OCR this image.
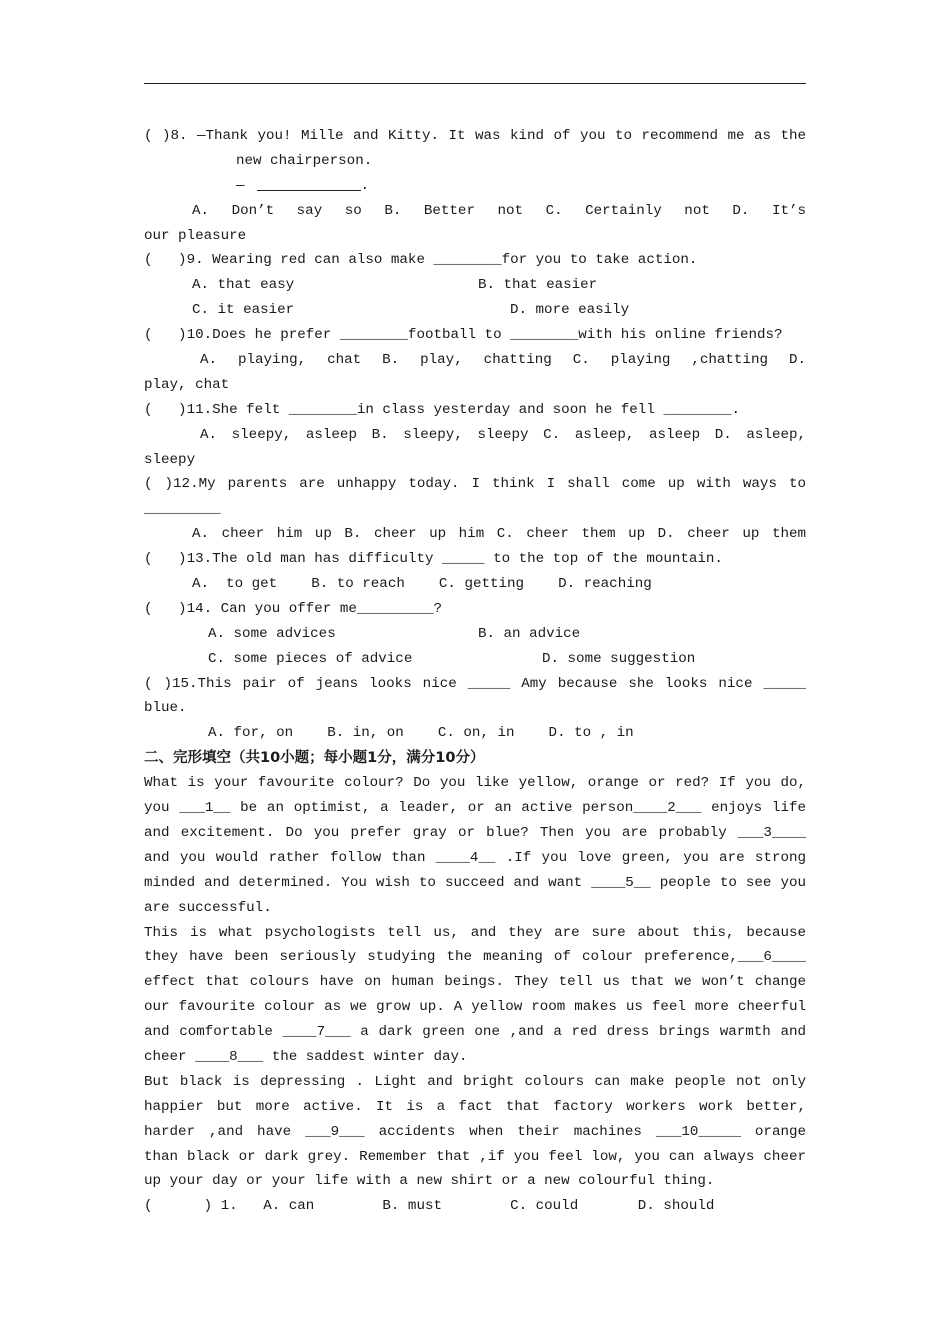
( )8. —Thank you! Mille and Kitty. It was kind of you to recommend me as the
new chairperson.
—	.
A. Don’t say so B. Better not C. Certainly not D. It’s
our pleasure
(   )9. Wearing red can also make ________for you to take action.
A. that easy	B. that easier
C. it easier	D. more easily
(   )10.Does he prefer ________football to ________with his online friends?
A. playing, chat B. play, chatting C. playing ,chatting D.
play, chat
(   )11.She felt ________in class yesterday and soon he fell ________.
A. sleepy, asleep B. sleepy, sleepy C. asleep, asleep D. asleep,
sleepy
( )12.My parents are unhappy today. I think I shall come up with ways to
_________
A. cheer him up B. cheer up him C. cheer them up D. cheer up them
(   )13.The old man has difficulty _____ to the top of the mountain.
A.  to get    B. to reach    C. getting    D. reaching
(   )14. Can you offer me_________?
A. some advices	B. an advice
C. some pieces of advice	D. some suggestion
( )15.This pair of jeans looks nice _____ Amy because she looks nice _____
blue.
A. for, on    B. in, on    C. on, in    D. to , in
二、完形填空（共10小题；每小题1分，满分10分）
What is your favourite colour? Do you like yellow, orange or red? If you do,
you ___1__ be an optimist, a leader, or an active person____2___ enjoys life
and excitement. Do you prefer gray or blue? Then you are probably ___3____
and you would rather follow than ____4__ .If you love green, you are strong
minded and determined. You wish to succeed and want ____5__ people to see you
are successful.
This is what psychologists tell us, and they are sure about this, because
they have been seriously studying the meaning of colour preference,___6____
effect that colours have on human beings. They tell us that we won’t change
our favourite colour as we grow up. A yellow room makes us feel more cheerful
and comfortable ____7___ a dark green one ,and a red dress brings warmth and
cheer ____8___ the saddest winter day.
But black is depressing . Light and bright colours can make people not only
happier but more active. It is a fact that factory workers work better,
harder ,and have ___9___ accidents when their machines ___10_____ orange
than black or dark grey. Remember that ,if you feel low, you can always cheer
up your day or your life with a new shirt or a new colourful thing.
(      ) 1.   A. can        B. must        C. could       D. should
